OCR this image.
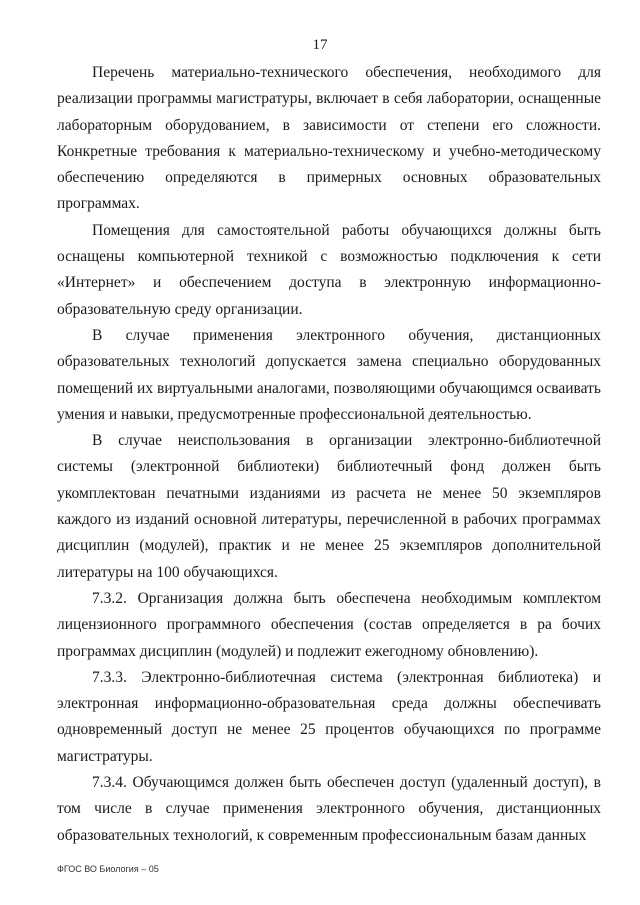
17

Перечень материально-технического обеспечения, необходимого для реализации программы магистратуры, включает в себя лаборатории, оснащенные лабораторным оборудованием, в зависимости от степени его сложности. Конкретные требования к материально-техническому и учебно-методическому обеспечению определяются в примерных основных образовательных программах.

Помещения для самостоятельной работы обучающихся должны быть оснащены компьютерной техникой с возможностью подключения к сети «Интернет» и обеспечением доступа в электронную информационно-образовательную среду организации.

В случае применения электронного обучения, дистанционных образовательных технологий допускается замена специально оборудованных помещений их виртуальными аналогами, позволяющими обучающимся осваивать умения и навыки, предусмотренные профессиональной деятельностью.

В случае неиспользования в организации электронно-библиотечной системы (электронной библиотеки) библиотечный фонд должен быть укомплектован печатными изданиями из расчета не менее 50 экземпляров каждого из изданий основной литературы, перечисленной в рабочих программах дисциплин (модулей), практик и не менее 25 экземпляров дополнительной литературы на 100 обучающихся.

7.3.2. Организация должна быть обеспечена необходимым комплектом лицензионного программного обеспечения (состав определяется в ра бочих программах дисциплин (модулей) и подлежит ежегодному обновлению).

7.3.3. Электронно-библиотечная система (электронная библиотека) и электронная информационно-образовательная среда должны обеспечивать одновременный доступ не менее 25 процентов обучающихся по программе магистратуры.

7.3.4. Обучающимся должен быть обеспечен доступ (удаленный доступ), в том числе в случае применения электронного обучения, дистанционных образовательных технологий, к современным профессиональным базам данных

ФГОС ВО Биология – 05
